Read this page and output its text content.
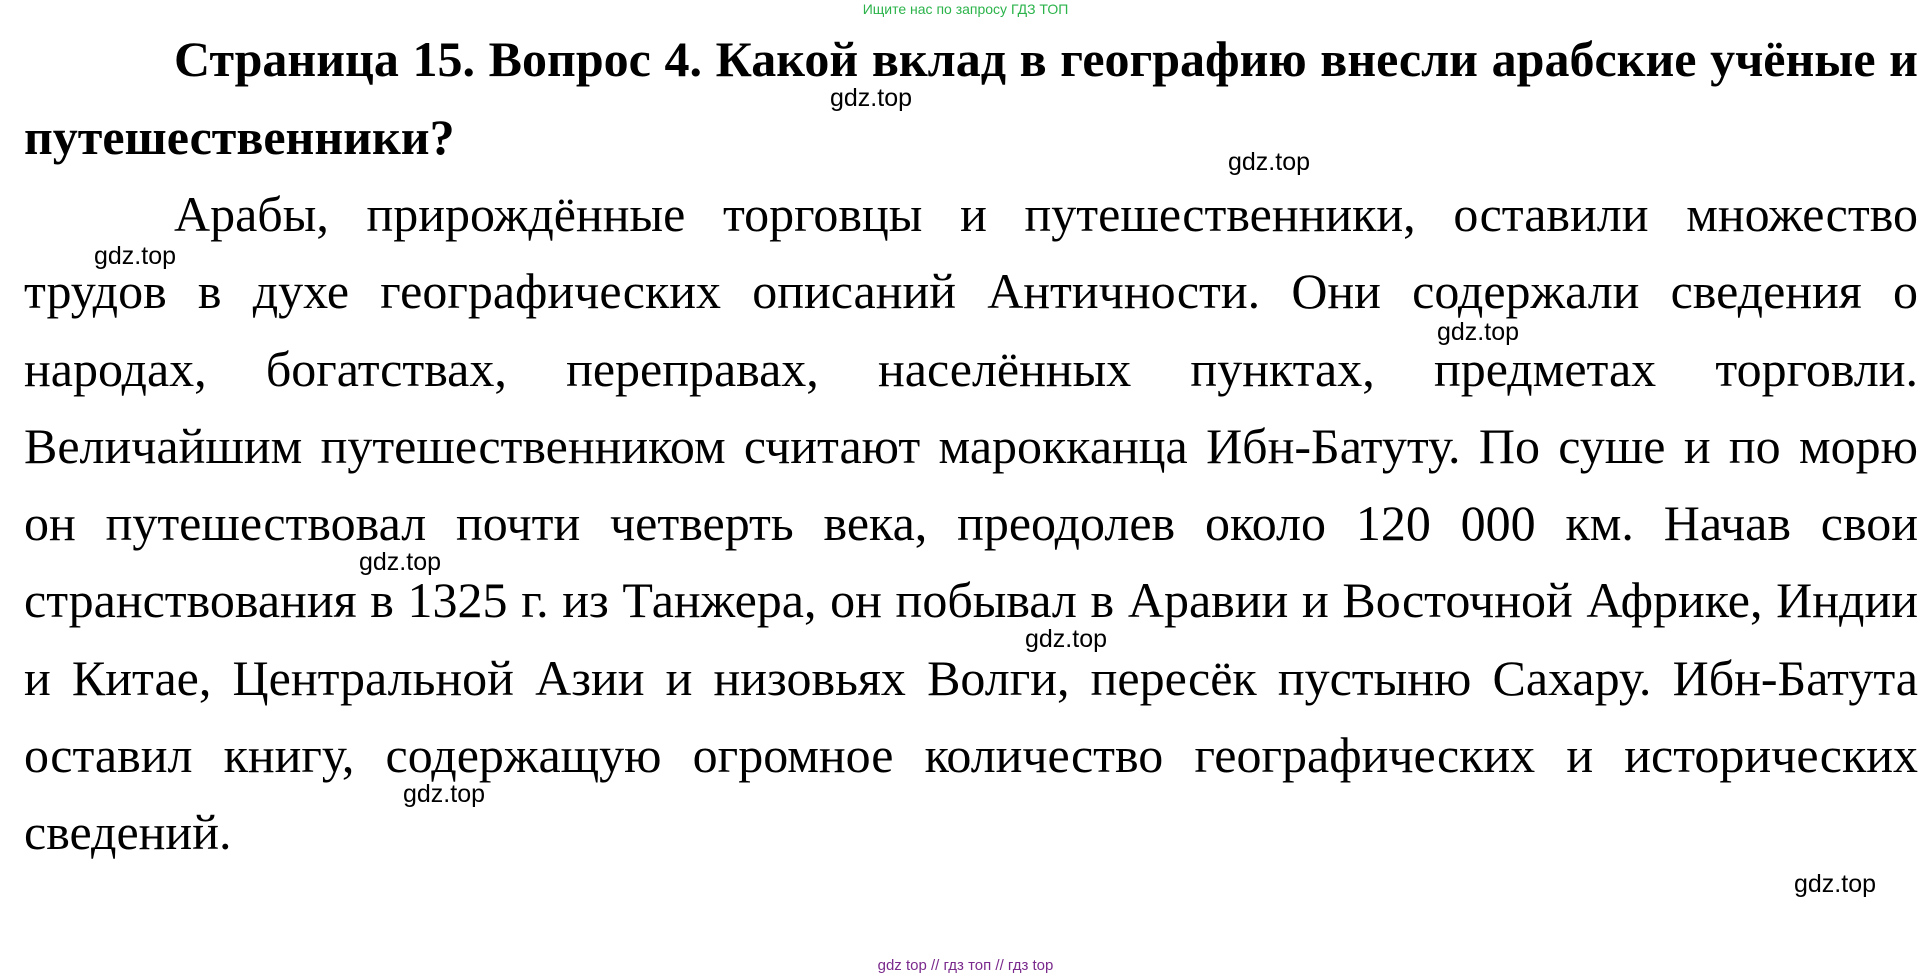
Ищите нас по запросу ГДЗ ТОП

Страница 15. Вопрос 4. Какой вклад в географию внесли арабские учёные и путешественники?

Арабы, прирождённые торговцы и путешественники, оставили множество трудов в духе географических описаний Античности. Они содержали сведения о народах, богатствах, переправах, населённых пунктах, предметах торговли. Величайшим путешественником считают марокканца Ибн-Батуту. По суше и по морю он путешествовал почти четверть века, преодолев около 120 000 км. Начав свои странствования в 1325 г. из Танжера, он побывал в Аравии и Восточной Африке, Индии и Китае, Центральной Азии и низовьях Волги, пересёк пустыню Сахару. Ибн-Батута оставил книгу, содержащую огромное количество географических и исторических сведений.

gdz.top
gdz.top
gdz.top
gdz.top
gdz.top
gdz.top
gdz.top
gdz.top
gdz top // гдз топ // гдз top
